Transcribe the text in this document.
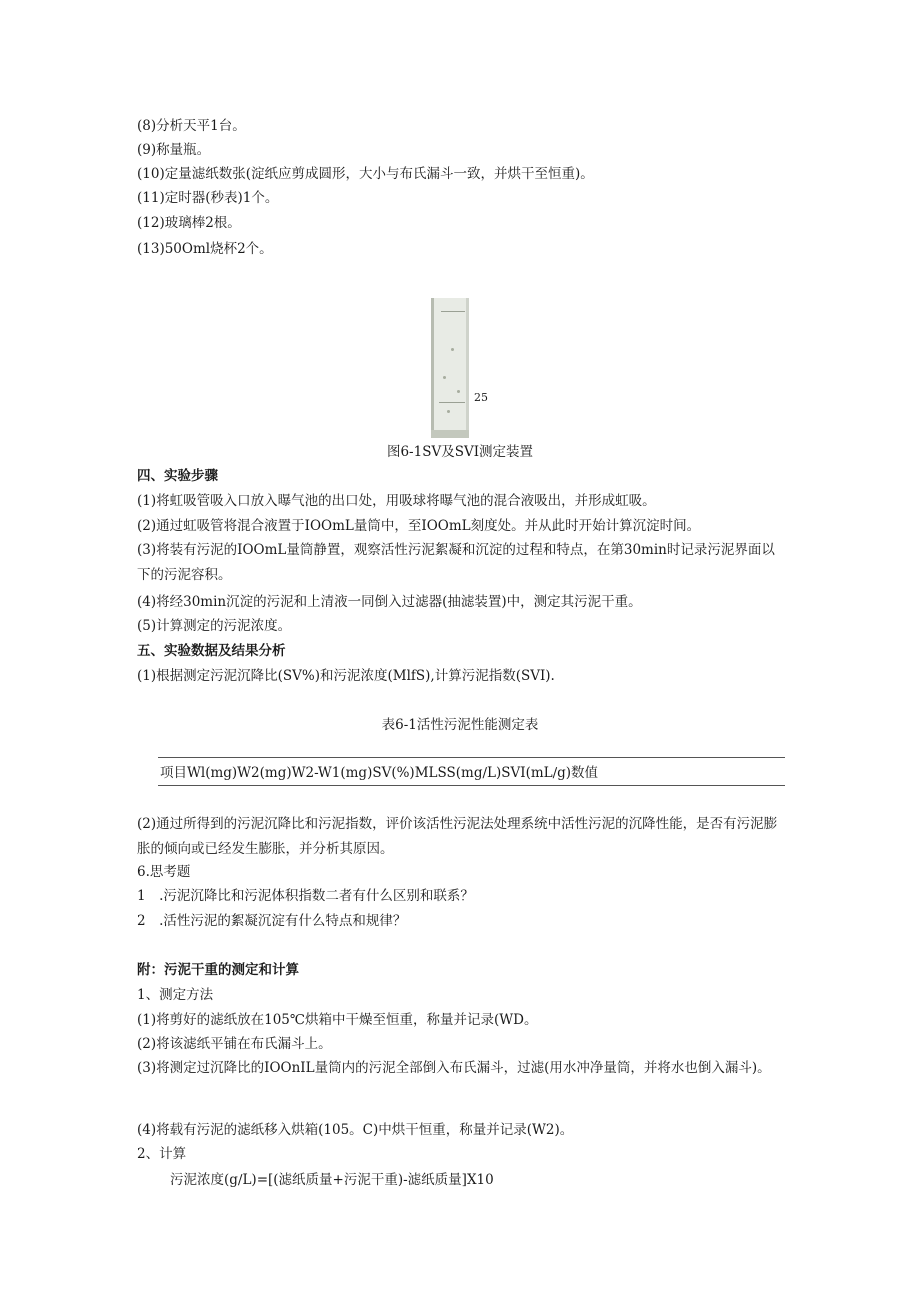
(8)分析天平1台。
(9)称量瓶。
(10)定量滤纸数张(淀纸应剪成圆形，大小与布氏漏斗一致，并烘干至恒重)。
(11)定时器(秒表)1个。
(12)玻璃棒2根。
(13)50Oml烧杯2个。
25
图6-1SV及SVI测定装置
四、实验步骤
(1)将虹吸管吸入口放入曝气池的出口处，用吸球将曝气池的混合液吸出，并形成虹吸。
(2)通过虹吸管将混合液置于IOOmL量筒中，至IOOmL刻度处。并从此时开始计算沉淀时间。
(3)将装有污泥的IOOmL量筒静置，观察活性污泥絮凝和沉淀的过程和特点，在第30min时记录污泥界面以下的污泥容积。
(4)将经30min沉淀的污泥和上清液一同倒入过滤器(抽滤装置)中，测定其污泥干重。
(5)计算测定的污泥浓度。
五、实验数据及结果分析
(1)根据测定污泥沉降比(SV%)和污泥浓度(MlfS),计算污泥指数(SVI).
表6-1活性污泥性能测定表
项目Wl(mg)W2(mg)W2-W1(mg)SV(%)MLSS(mg∕L)SVI(mL∕g)数值
(2)通过所得到的污泥沉降比和污泥指数，评价该活性污泥法处理系统中活性污泥的沉降性能，是否有污泥膨胀的倾向或已经发生膨胀，并分析其原因。
6.思考题
1　.污泥沉降比和污泥体积指数二者有什么区别和联系？
2　.活性污泥的絮凝沉淀有什么特点和规律？
附：污泥干重的测定和计算
1、测定方法
(1)将剪好的滤纸放在105℃烘箱中干燥至恒重，称量并记录(WD。
(2)将该滤纸平铺在布氏漏斗上。
(3)将测定过沉降比的IOOnIL量筒内的污泥全部倒入布氏漏斗，过滤(用水冲净量筒，并将水也倒入漏斗)。
(4)将载有污泥的滤纸移入烘箱(105。C)中烘干恒重，称量并记录(W2)。
2、计算
污泥浓度(g∕L)=[(滤纸质量+污泥干重)-滤纸质量]X10
